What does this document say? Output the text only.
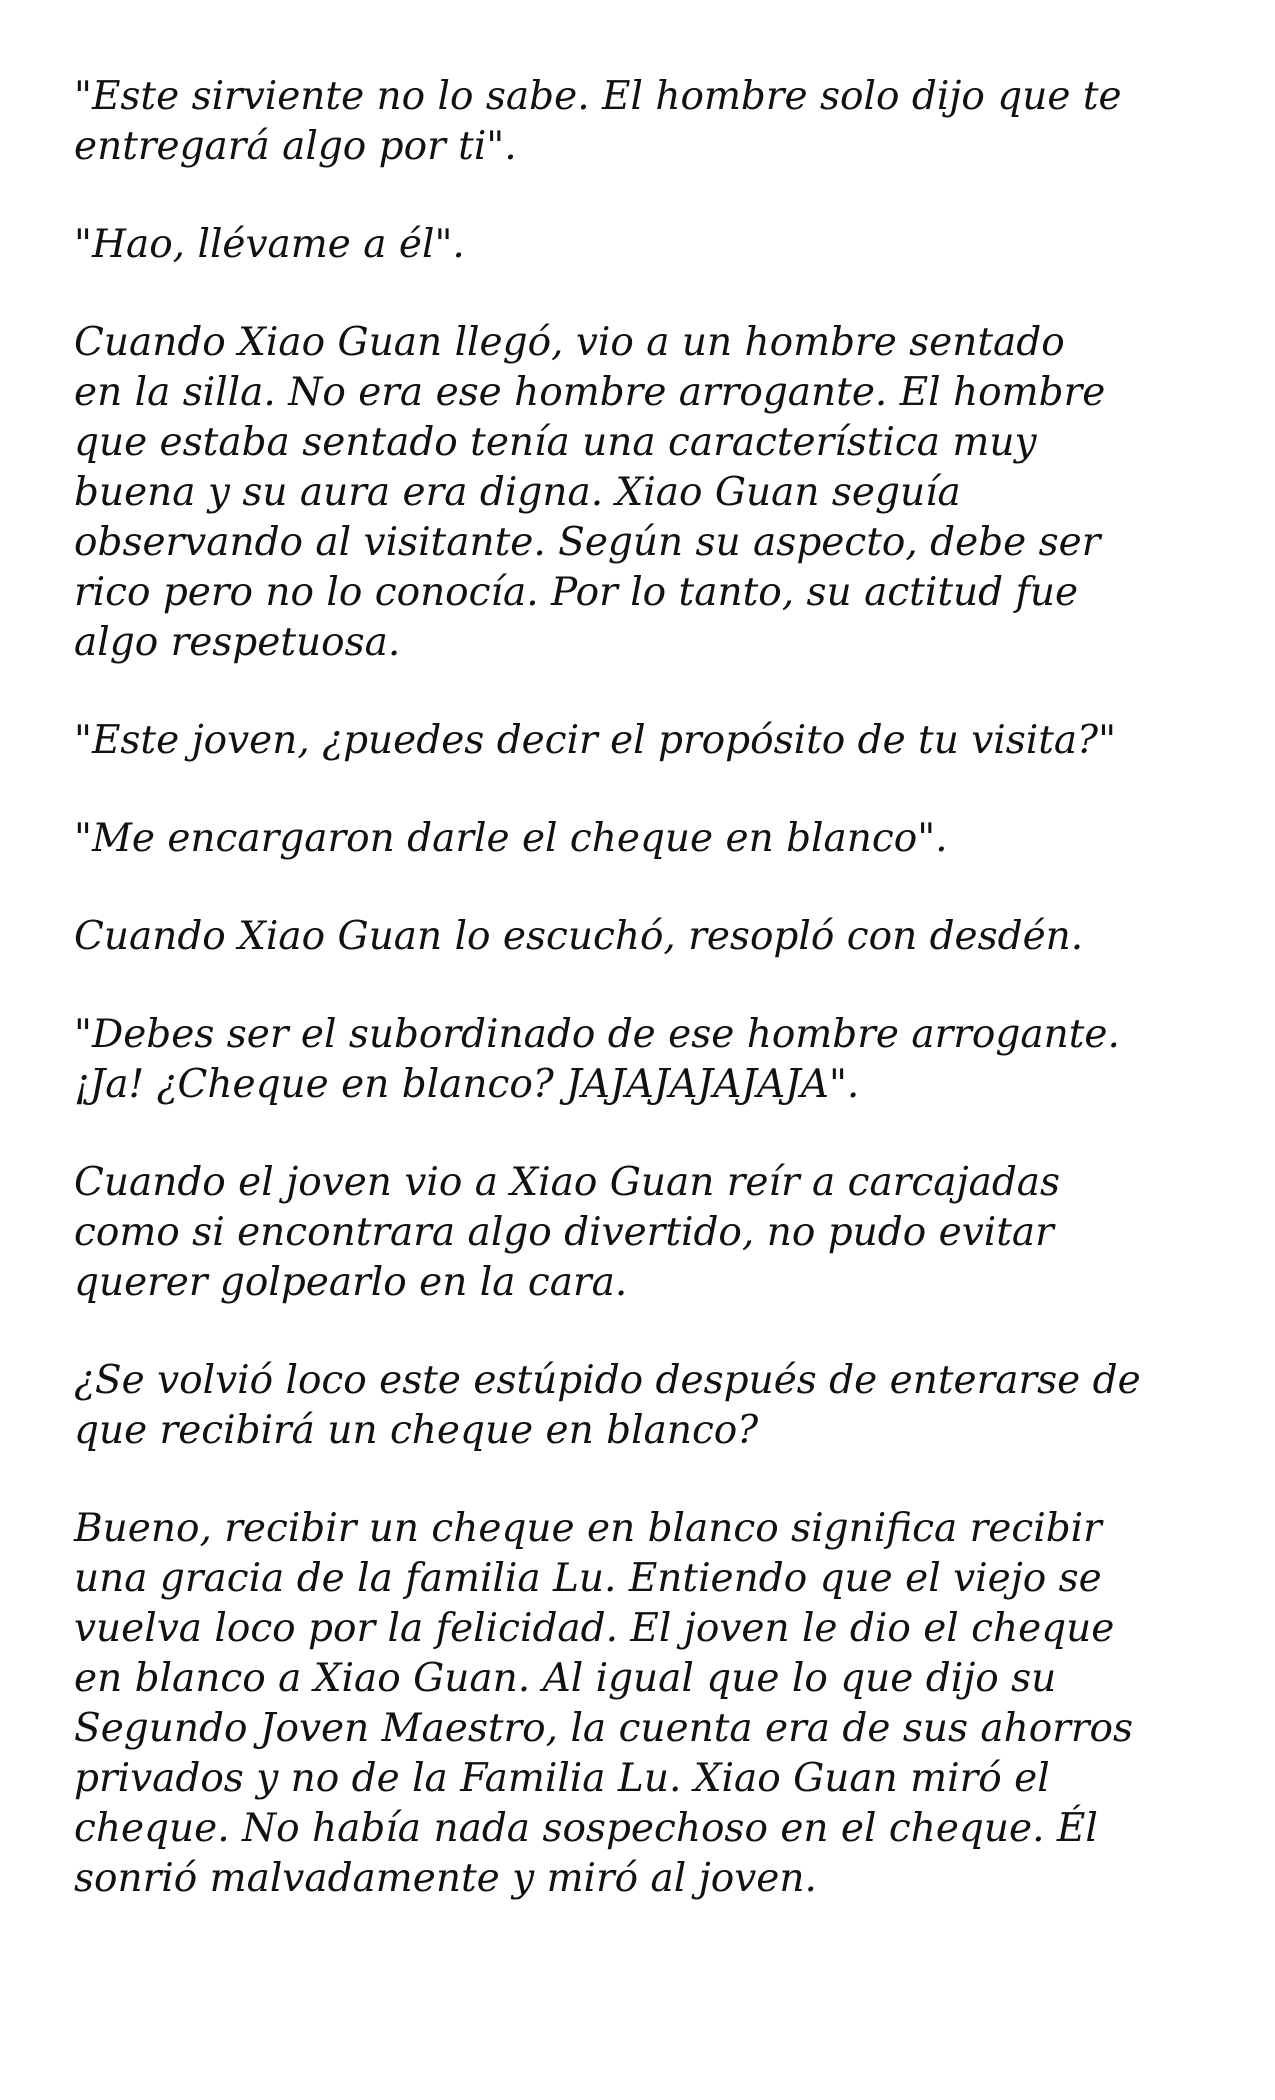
"Este sirviente no lo sabe. El hombre solo dijo que te
entregará algo por ti".

"Hao, llévame a él".

Cuando Xiao Guan llegó, vio a un hombre sentado
en la silla. No era ese hombre arrogante. El hombre
que estaba sentado tenía una característica muy
buena y su aura era digna. Xiao Guan seguía
observando al visitante. Según su aspecto, debe ser
rico pero no lo conocía. Por lo tanto, su actitud fue
algo respetuosa.

"Este joven, ¿puedes decir el propósito de tu visita?"

"Me encargaron darle el cheque en blanco".

Cuando Xiao Guan lo escuchó, resopló con desdén.

"Debes ser el subordinado de ese hombre arrogante.
¡Ja! ¿Cheque en blanco? JAJAJAJAJAJA".

Cuando el joven vio a Xiao Guan reír a carcajadas
como si encontrara algo divertido, no pudo evitar
querer golpearlo en la cara.

¿Se volvió loco este estúpido después de enterarse de
que recibirá un cheque en blanco?

Bueno, recibir un cheque en blanco significa recibir
una gracia de la familia Lu. Entiendo que el viejo se
vuelva loco por la felicidad. El joven le dio el cheque
en blanco a Xiao Guan. Al igual que lo que dijo su
Segundo Joven Maestro, la cuenta era de sus ahorros
privados y no de la Familia Lu. Xiao Guan miró el
cheque. No había nada sospechoso en el cheque. Él
sonrió malvadamente y miró al joven.
